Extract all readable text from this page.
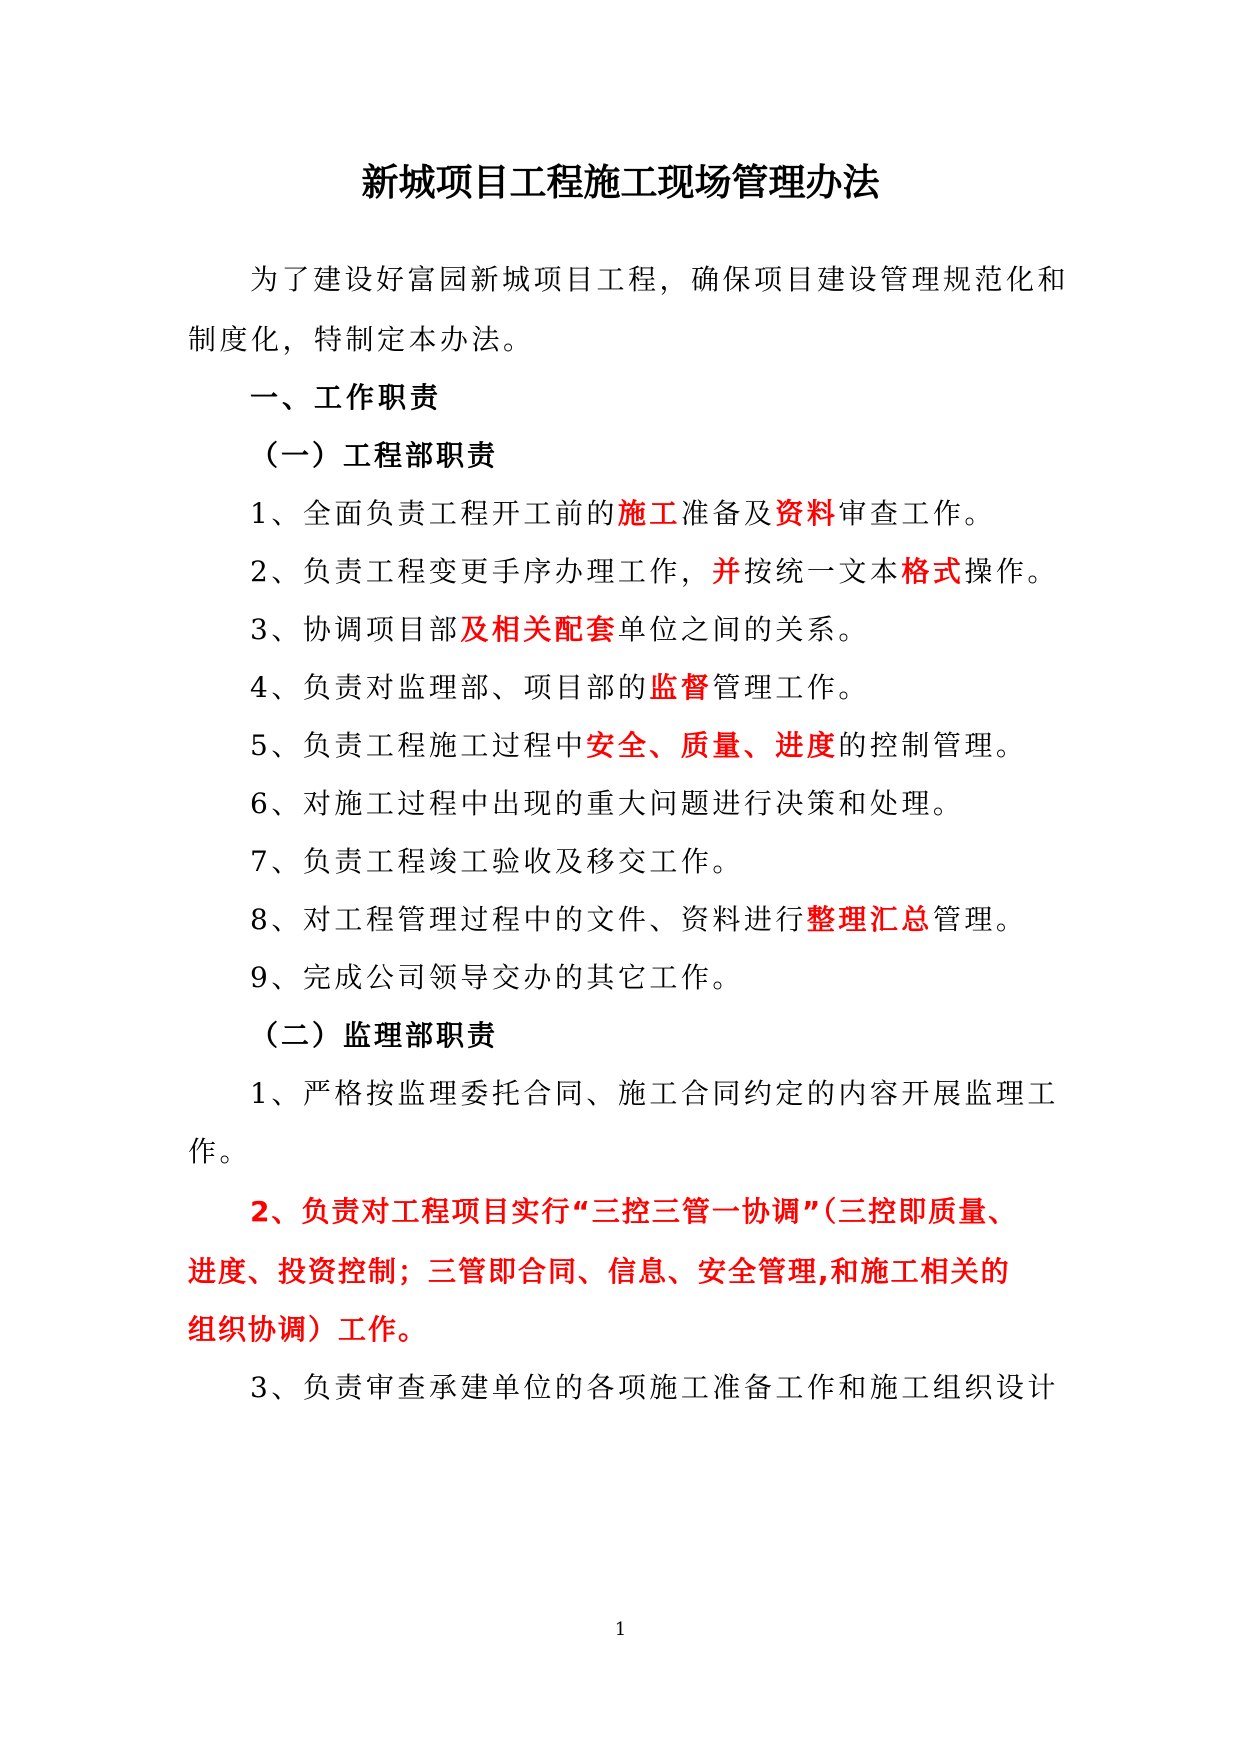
新城项目工程施工现场管理办法
为了建设好富园新城项目工程，确保项目建设管理规范化和
制度化，特制定本办法。
一、工作职责
（一）工程部职责
1、全面负责工程开工前的施工准备及资料审查工作。
2、负责工程变更手序办理工作，并按统一文本格式操作。
3、协调项目部及相关配套单位之间的关系。
4、负责对监理部、项目部的监督管理工作。
5、负责工程施工过程中安全、质量、进度的控制管理。
6、对施工过程中出现的重大问题进行决策和处理。
7、负责工程竣工验收及移交工作。
8、对工程管理过程中的文件、资料进行整理汇总管理。
9、完成公司领导交办的其它工作。
（二）监理部职责
1、严格按监理委托合同、施工合同约定的内容开展监理工
作。
2、负责对工程项目实行“三控三管一协调”（三控即质量、
进度、投资控制；三管即合同、信息、安全管理,和施工相关的
组织协调）工作。
3、负责审查承建单位的各项施工准备工作和施工组织设计
1
